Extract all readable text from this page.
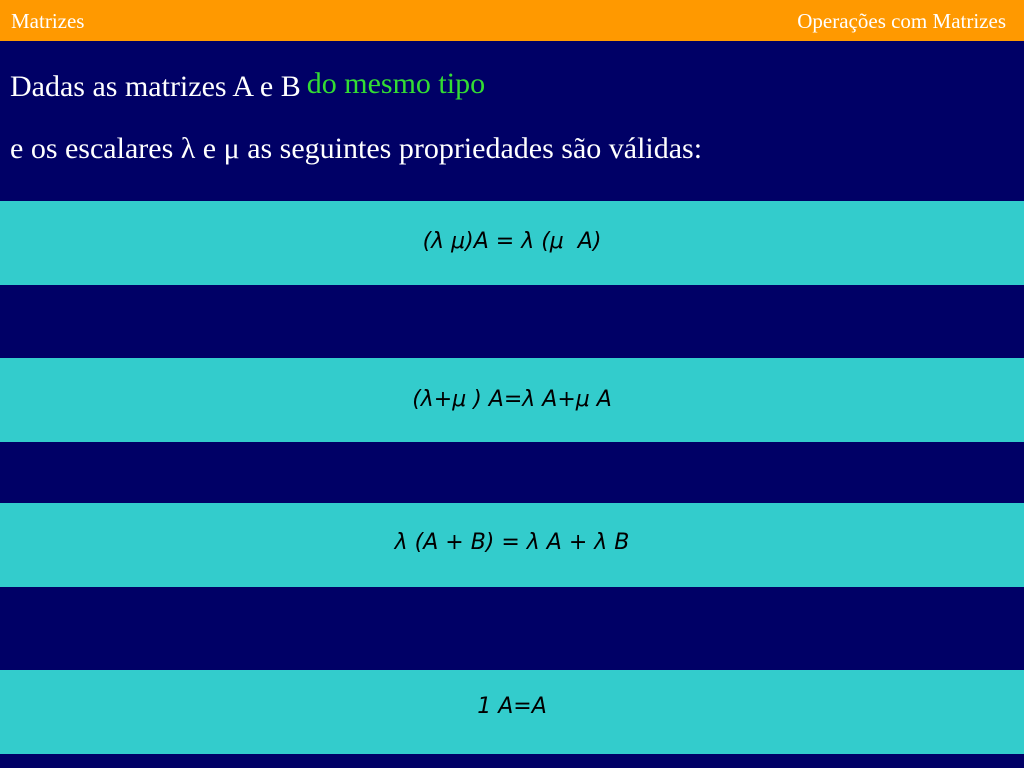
Matrizes	Operações com Matrizes
Dadas as matrizes A e B do mesmo tipo
e os escalares λ e μ as seguintes propriedades são válidas:
(λ μ)A = λ (μ  A)
(λ+μ ) A=λ A+μ A
λ (A + B) = λ A + λ B
1 A=A
